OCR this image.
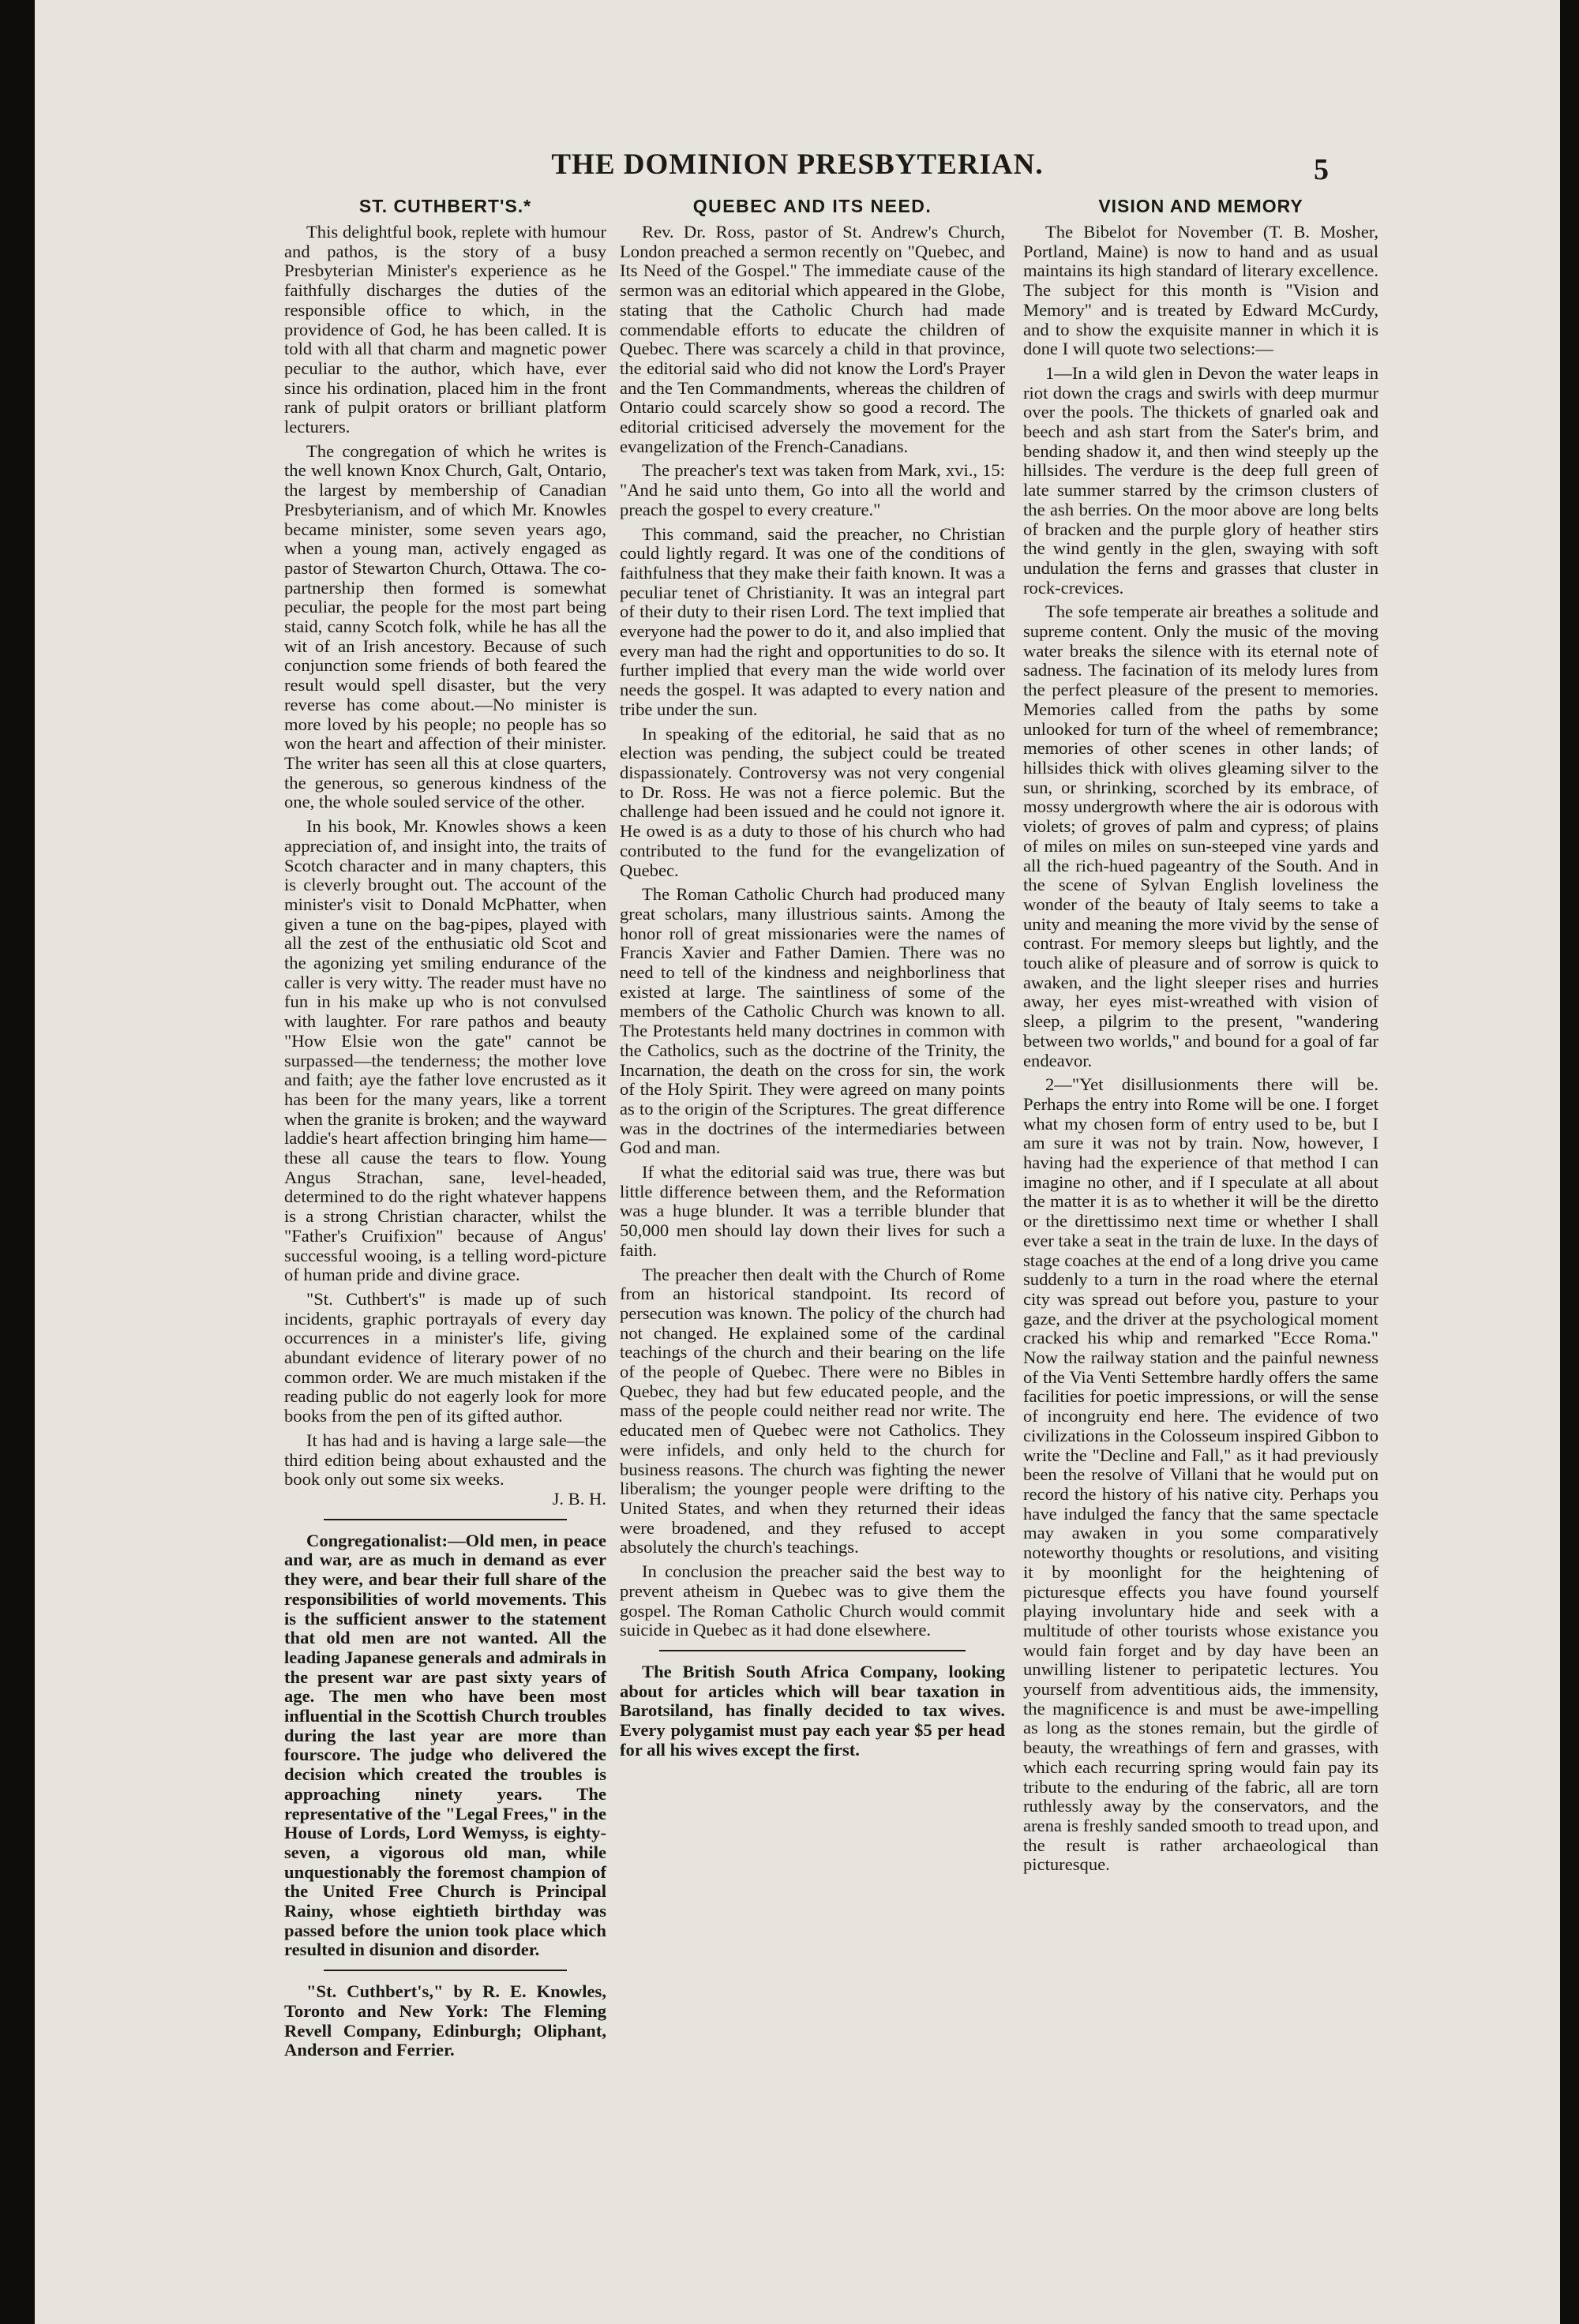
THE DOMINION PRESBYTERIAN.	5
ST. CUTHBERT'S.*

This delightful book, replete with humour and pathos, is the story of a busy Presbyterian Minister's experience as he faithfully discharges the duties of the responsible office to which, in the providence of God, he has been called. It is told with all that charm and magnetic power peculiar to the author, which have, ever since his ordination, placed him in the front rank of pulpit orators or brilliant platform lecturers.

The congregation of which he writes is the well known Knox Church, Galt, Ontario, the largest by membership of Canadian Presbyterianism, and of which Mr. Knowles became minister, some seven years ago, when a young man, actively engaged as pastor of Stewarton Church, Ottawa. The co-partnership then formed is somewhat peculiar, the people for the most part being staid, canny Scotch folk, while he has all the wit of an Irish ancestory. Because of such conjunction some friends of both feared the result would spell disaster, but the very reverse has come about.—No minister is more loved by his people; no people has so won the heart and affection of their minister. The writer has seen all this at close quarters, the generous, so generous kindness of the one, the whole souled service of the other.

In his book, Mr. Knowles shows a keen appreciation of, and insight into, the traits of Scotch character and in many chapters, this is cleverly brought out. The account of the minister's visit to Donald McPhatter, when given a tune on the bag-pipes, played with all the zest of the enthusiatic old Scot and the agonizing yet smiling endurance of the caller is very witty. The reader must have no fun in his make up who is not convulsed with laughter. For rare pathos and beauty "How Elsie won the gate" cannot be surpassed—the tenderness; the mother love and faith; aye the father love encrusted as it has been for the many years, like a torrent when the granite is broken; and the wayward laddie's heart affection bringing him hame—these all cause the tears to flow. Young Angus Strachan, sane, level-headed, determined to do the right whatever happens is a strong Christian character, whilst the "Father's Cruifixion" because of Angus' successful wooing, is a telling word-picture of human pride and divine grace.

"St. Cuthbert's" is made up of such incidents, graphic portrayals of every day occurrences in a minister's life, giving abundant evidence of literary power of no common order. We are much mistaken if the reading public do not eagerly look for more books from the pen of its gifted author.

It has had and is having a large sale—the third edition being about exhausted and the book only out some six weeks.

J. B. H.

Congregationalist:—Old men, in peace and war, are as much in demand as ever they were, and bear their full share of the responsibilities of world movements. This is the sufficient answer to the statement that old men are not wanted. All the leading Japanese generals and admirals in the present war are past sixty years of age. The men who have been most influential in the Scottish Church troubles during the last year are more than fourscore. The judge who delivered the decision which created the troubles is approaching ninety years. The representative of the "Legal Frees," in the House of Lords, Lord Wemyss, is eighty-seven, a vigorous old man, while unquestionably the foremost champion of the United Free Church is Principal Rainy, whose eightieth birthday was passed before the union took place which resulted in disunion and disorder.

"St. Cuthbert's," by R. E. Knowles, Toronto and New York: The Fleming Revell Company, Edinburgh; Oliphant, Anderson and Ferrier.

QUEBEC AND ITS NEED.

Rev. Dr. Ross, pastor of St. Andrew's Church, London preached a sermon recently on "Quebec, and Its Need of the Gospel." The immediate cause of the sermon was an editorial which appeared in the Globe, stating that the Catholic Church had made commendable efforts to educate the children of Quebec. There was scarcely a child in that province, the editorial said who did not know the Lord's Prayer and the Ten Commandments, whereas the children of Ontario could scarcely show so good a record. The editorial criticised adversely the movement for the evangelization of the French-Canadians.

The preacher's text was taken from Mark, xvi., 15: "And he said unto them, Go into all the world and preach the gospel to every creature."

This command, said the preacher, no Christian could lightly regard. It was one of the conditions of faithfulness that they make their faith known. It was a peculiar tenet of Christianity. It was an integral part of their duty to their risen Lord. The text implied that everyone had the power to do it, and also implied that every man had the right and opportunities to do so. It further implied that every man the wide world over needs the gospel. It was adapted to every nation and tribe under the sun.

In speaking of the editorial, he said that as no election was pending, the subject could be treated dispassionately. Controversy was not very congenial to Dr. Ross. He was not a fierce polemic. But the challenge had been issued and he could not ignore it. He owed is as a duty to those of his church who had contributed to the fund for the evangelization of Quebec.

The Roman Catholic Church had produced many great scholars, many illustrious saints. Among the honor roll of great missionaries were the names of Francis Xavier and Father Damien. There was no need to tell of the kindness and neighborliness that existed at large. The saintliness of some of the members of the Catholic Church was known to all. The Protestants held many doctrines in common with the Catholics, such as the doctrine of the Trinity, the Incarnation, the death on the cross for sin, the work of the Holy Spirit. They were agreed on many points as to the origin of the Scriptures. The great difference was in the doctrines of the intermediaries between God and man.

If what the editorial said was true, there was but little difference between them, and the Reformation was a huge blunder. It was a terrible blunder that 50,000 men should lay down their lives for such a faith.

The preacher then dealt with the Church of Rome from an historical standpoint. Its record of persecution was known. The policy of the church had not changed. He explained some of the cardinal teachings of the church and their bearing on the life of the people of Quebec. There were no Bibles in Quebec, they had but few educated people, and the mass of the people could neither read nor write. The educated men of Quebec were not Catholics. They were infidels, and only held to the church for business reasons. The church was fighting the newer liberalism; the younger people were drifting to the United States, and when they returned their ideas were broadened, and they refused to accept absolutely the church's teachings.

In conclusion the preacher said the best way to prevent atheism in Quebec was to give them the gospel. The Roman Catholic Church would commit suicide in Quebec as it had done elsewhere.

The British South Africa Company, looking about for articles which will bear taxation in Barotsiland, has finally decided to tax wives. Every polygamist must pay each year $5 per head for all his wives except the first.

VISION AND MEMORY

The Bibelot for November (T. B. Mosher, Portland, Maine) is now to hand and as usual maintains its high standard of literary excellence. The subject for this month is "Vision and Memory" and is treated by Edward McCurdy, and to show the exquisite manner in which it is done I will quote two selections:—

1—In a wild glen in Devon the water leaps in riot down the crags and swirls with deep murmur over the pools. The thickets of gnarled oak and beech and ash start from the Sater's brim, and bending shadow it, and then wind steeply up the hillsides. The verdure is the deep full green of late summer starred by the crimson clusters of the ash berries. On the moor above are long belts of bracken and the purple glory of heather stirs the wind gently in the glen, swaying with soft undulation the ferns and grasses that cluster in rock-crevices.

The sofe temperate air breathes a solitude and supreme content. Only the music of the moving water breaks the silence with its eternal note of sadness. The facination of its melody lures from the perfect pleasure of the present to memories. Memories called from the paths by some unlooked for turn of the wheel of remembrance; memories of other scenes in other lands; of hillsides thick with olives gleaming silver to the sun, or shrinking, scorched by its embrace, of mossy undergrowth where the air is odorous with violets; of groves of palm and cypress; of plains of miles on miles on sun-steeped vine yards and all the rich-hued pageantry of the South. And in the scene of Sylvan English loveliness the wonder of the beauty of Italy seems to take a unity and meaning the more vivid by the sense of contrast. For memory sleeps but lightly, and the touch alike of pleasure and of sorrow is quick to awaken, and the light sleeper rises and hurries away, her eyes mist-wreathed with vision of sleep, a pilgrim to the present, "wandering between two worlds," and bound for a goal of far endeavor.

2—"Yet disillusionments there will be. Perhaps the entry into Rome will be one. I forget what my chosen form of entry used to be, but I am sure it was not by train. Now, however, I having had the experience of that method I can imagine no other, and if I speculate at all about the matter it is as to whether it will be the diretto or the direttissimo next time or whether I shall ever take a seat in the train de luxe. In the days of stage coaches at the end of a long drive you came suddenly to a turn in the road where the eternal city was spread out before you, pasture to your gaze, and the driver at the psychological moment cracked his whip and remarked "Ecce Roma." Now the railway station and the painful newness of the Via Venti Settembre hardly offers the same facilities for poetic impressions, or will the sense of incongruity end here. The evidence of two civilizations in the Colosseum inspired Gibbon to write the "Decline and Fall," as it had previously been the resolve of Villani that he would put on record the history of his native city. Perhaps you have indulged the fancy that the same spectacle may awaken in you some comparatively noteworthy thoughts or resolutions, and visiting it by moonlight for the heightening of picturesque effects you have found yourself playing involuntary hide and seek with a multitude of other tourists whose existance you would fain forget and by day have been an unwilling listener to peripatetic lectures. You yourself from adventitious aids, the immensity, the magnificence is and must be awe-impelling as long as the stones remain, but the girdle of beauty, the wreathings of fern and grasses, with which each recurring spring would fain pay its tribute to the enduring of the fabric, all are torn ruthlessly away by the conservators, and the arena is freshly sanded smooth to tread upon, and the result is rather archaeological than picturesque.
